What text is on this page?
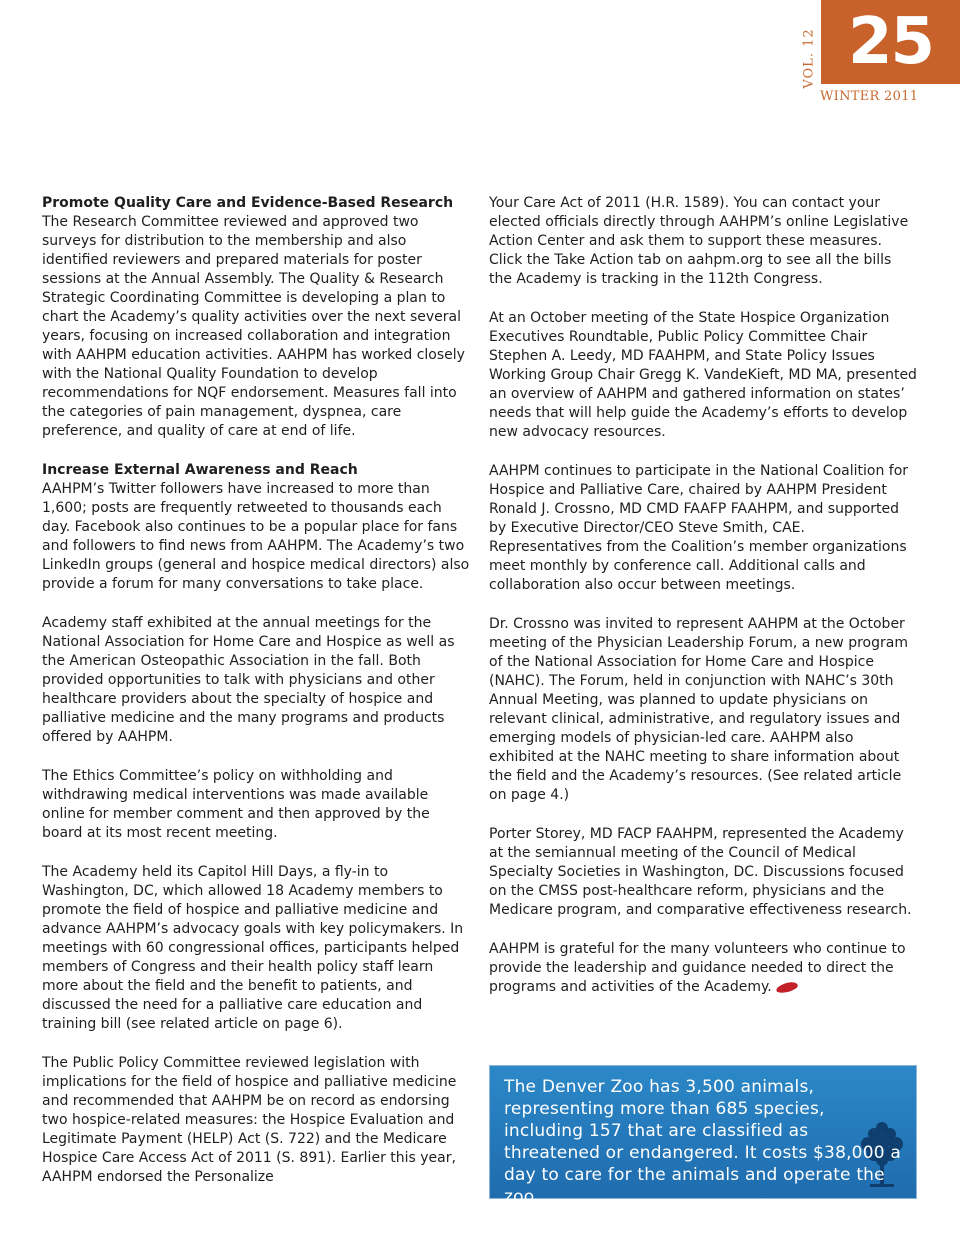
VOL. 12 25
WINTER 2011
Promote Quality Care and Evidence-Based Research

The Research Committee reviewed and approved two surveys for distribution to the membership and also identified reviewers and prepared materials for poster sessions at the Annual Assembly. The Quality & Research Strategic Coordinating Committee is developing a plan to chart the Academy’s quality activities over the next several years, focusing on increased collaboration and integration with AAHPM education activities. AAHPM has worked closely with the National Quality Foundation to develop recommendations for NQF endorsement. Measures fall into the categories of pain management, dyspnea, care preference, and quality of care at end of life.

Increase External Awareness and Reach

AAHPM’s Twitter followers have increased to more than 1,600; posts are frequently retweeted to thousands each day. Facebook also continues to be a popular place for fans and followers to find news from AAHPM. The Academy’s two LinkedIn groups (general and hospice medical directors) also provide a forum for many conversations to take place.

Academy staff exhibited at the annual meetings for the National Association for Home Care and Hospice as well as the American Osteopathic Association in the fall. Both provided opportunities to talk with physicians and other healthcare providers about the specialty of hospice and palliative medicine and the many programs and products offered by AAHPM.

The Ethics Committee’s policy on withholding and withdrawing medical interventions was made available online for member comment and then approved by the board at its most recent meeting.

The Academy held its Capitol Hill Days, a fly-in to Washington, DC, which allowed 18 Academy members to promote the field of hospice and palliative medicine and advance AAHPM’s advocacy goals with key policymakers. In meetings with 60 congressional offices, participants helped members of Congress and their health policy staff learn more about the field and the benefit to patients, and discussed the need for a palliative care education and training bill (see related article on page 6).

The Public Policy Committee reviewed legislation with implications for the field of hospice and palliative medicine and recommended that AAHPM be on record as endorsing two hospice-related measures: the Hospice Evaluation and Legitimate Payment (HELP) Act (S. 722) and the Medicare Hospice Care Access Act of 2011 (S. 891). Earlier this year, AAHPM endorsed the Personalize

Your Care Act of 2011 (H.R. 1589). You can contact your elected officials directly through AAHPM’s online Legislative Action Center and ask them to support these measures. Click the Take Action tab on aahpm.org to see all the bills the Academy is tracking in the 112th Congress.

At an October meeting of the State Hospice Organization Executives Roundtable, Public Policy Committee Chair Stephen A. Leedy, MD FAAHPM, and State Policy Issues Working Group Chair Gregg K. VandeKieft, MD MA, presented an overview of AAHPM and gathered information on states’ needs that will help guide the Academy’s efforts to develop new advocacy resources.

AAHPM continues to participate in the National Coalition for Hospice and Palliative Care, chaired by AAHPM President Ronald J. Crossno, MD CMD FAAFP FAAHPM, and supported by Executive Director/CEO Steve Smith, CAE. Representatives from the Coalition’s member organizations meet monthly by conference call. Additional calls and collaboration also occur between meetings.

Dr. Crossno was invited to represent AAHPM at the October meeting of the Physician Leadership Forum, a new program of the National Association for Home Care and Hospice (NAHC). The Forum, held in conjunction with NAHC’s 30th Annual Meeting, was planned to update physicians on relevant clinical, administrative, and regulatory issues and emerging models of physician-led care. AAHPM also exhibited at the NAHC meeting to share information about the field and the Academy’s resources. (See related article on page 4.)

Porter Storey, MD FACP FAAHPM, represented the Academy at the semiannual meeting of the Council of Medical Specialty Societies in Washington, DC. Discussions focused on the CMSS post-healthcare reform, physicians and the Medicare program, and comparative effectiveness research.

AAHPM is grateful for the many volunteers who continue to provide the leadership and guidance needed to direct the programs and activities of the Academy.

The Denver Zoo has 3,500 animals, representing more than 685 species, including 157 that are classified as threatened or endangered. It costs $38,000 a day to care for the animals and operate the zoo.
